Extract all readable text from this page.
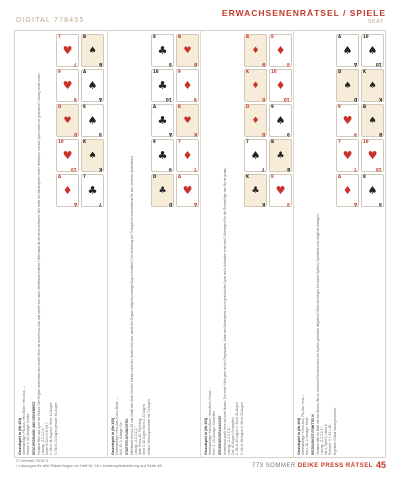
DIGITAL 778455
ERWACHSENENRÄTSEL / SPIELE
SKAT
Grundspiel in (Nr.101) Kartenabfolge: Pik-Ass, Herz-Bube, Herz-Ass, ... Grand, 9, 10, Ansage: Kontra BESCHREIBUNG UND GEGENREIZ Vorhand führt das Spiel als Grand. Der Gegner übernimmt den ersten Stich mit dem Kreuz-Ass und spielt Herz nach. Mittelhand bedient, Hinterhand sticht mit dem Buben. Wie sollte der Alleinspieler weiter verfahren, um das Spiel sicher zu gewinnen? Lösung siehe unten. Lösung: „Z.Z.Z.Z.Z." Karte: A 10 K D B 9 8 7 1. Stich: 11 Augen 2. Stich: 14 Augen 3. Stich: 21 Augen gesamt: 61 Augen	Grundspiel in (Nr.102) Kartenabfolge: Herz-Ass, Kreuz-Bube, ... Null, 10, 9, Ansage: Re STARTER-GRUNDSPIEL Mittelhand reizt bis 23 und erhält den Skat. Welche Karten sollte der Spieler drücken, damit die Gegner möglichst wenige Augen erhalten? Die Verteilung der Trümpfe ist entscheidend für den weiteren Spielverlauf. Lösung: „Z.Z.Z.Z.Z." Skat: Kreuz-10, Pik-König Stich 1: 10 Augen Stich 2: 22 Augen Verlauf: Grand gewonnen mit 74 Augen	Grundspiel in (Nr.103) Kartenabfolge: Karo-Bube, Herz-Bube, Kreuz-... Herz, 9, 10, Ansage: Schneider ERGEBNISVORAUSSAGE Hinterhand spielt Herz mit zwei Buben. Der erste Stich geht an die Gegenpartei. Kann der Alleinspieler durch geschicktes Spiel noch Schneider erreichen? Überlegen Sie die Reihenfolge der Stiche genau. Lösung: „Z.Z.Z.Z.Z." Ziel: 90 Augen (Schneider) 1. Stich: 15 Augen 2. Stich: 21 Augen 3. Stich: 18 Augen 4. Stich: 12 Augen	Grundspiel in (Nr.104) Kartenabfolge: Kreuz-Ass, Pik-Ass, Herz-... Karo, 10, 9, Ansage: Hand REIZBARKEIT ERMITTELN Vorhand hält ein Blatt mit vier Buben. Bis zu welchem Reizwert kann der Spieler gefahrlos mitgehen? Berücksichtigen Sie dabei Spitzen, Spielstufe und mögliche Ansagen. Lösung: „Z.Z.Z.Z.Z." mit 4, Spiel 5, Hand 6 Reizwert: 5 × 12 = 60 Ergebnis: Grand Hand gewonnen
7
♥
7
B
♠
B
9
♥
9
A
♠
A
D
♥
D
8
♠
8
10
♥
10
K
♠
K
A
♦
A
7
♣
7
8
♣
8
B
♥
B
10
♣
10
9
♦
9
A
♣
A
K
♥
K
9
♣
9
7
♦
7
D
♣
D
A
♥
A
B
♦
B
8
♦
8
K
♦
K
10
♦
10
D
♦
D
9
♠
9
7
♠
7
B
♣
B
K
♣
K
8
♥
8
A
♠
A
10
♠
10
D
♠
D
K
♠
K
9
♥
9
B
♠
B
7
♥
7
10
♥
10
A
♦
A
8
♠
8
© Urheber 2018 S
• Lösungen für alle Rätsel folgen im Heft Nr. 16 • Kartenspielanleitung auf Seite 48	773 SOMMER DEIKE PRESS RÄTSEL 45
